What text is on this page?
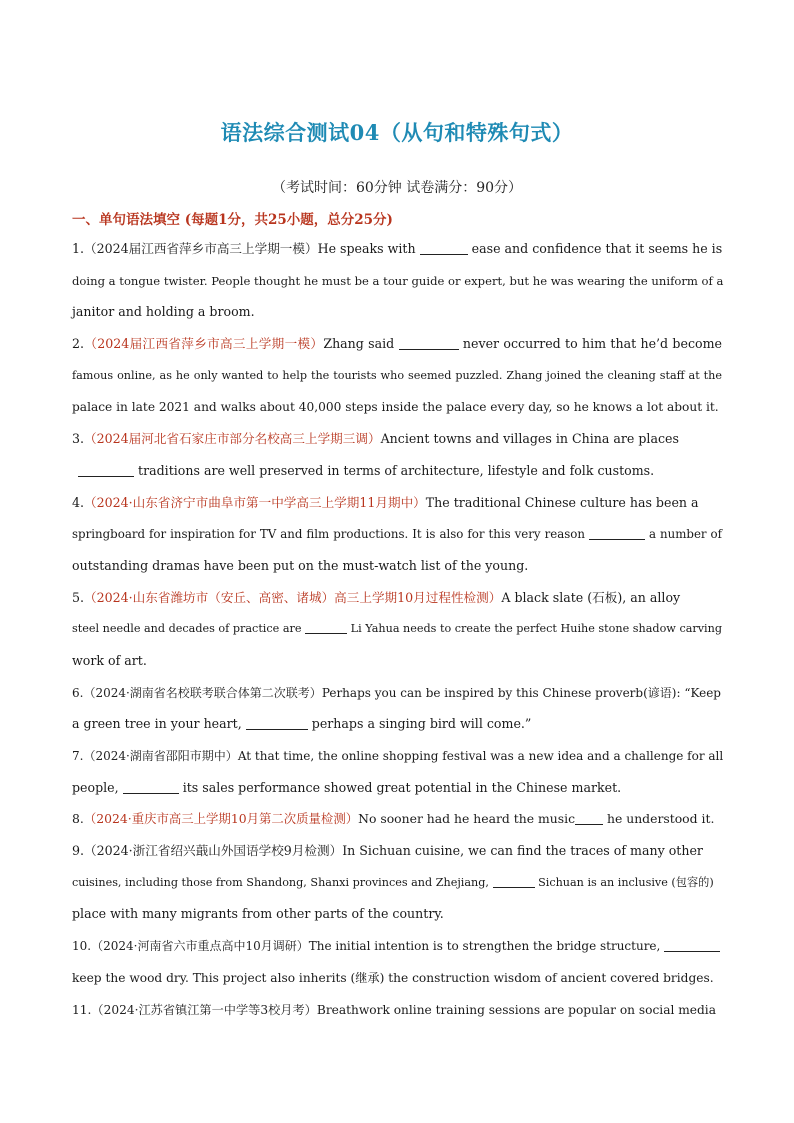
语法综合测试04（从句和特殊句式）
（考试时间：60分钟 试卷满分：90分）
一、单句语法填空 (每题1分，共25小题，总分25分)
1.（2024届江西省萍乡市高三上学期一模）He speaks with	ease and confidence that it seems he is
doing a tongue twister. People thought he must be a tour guide or expert, but he was wearing the uniform of a
janitor and holding a broom.
2.（2024届江西省萍乡市高三上学期一模）Zhang said	never occurred to him that he’d become
famous online, as he only wanted to help the tourists who seemed puzzled. Zhang joined the cleaning staff at the
palace in late 2021 and walks about 40,000 steps inside the palace every day, so he knows a lot about it.
3.（2024届河北省石家庄市部分名校高三上学期三调）Ancient towns and villages in China are places
traditions are well preserved in terms of architecture, lifestyle and folk customs.
4.（2024·山东省济宁市曲阜市第一中学高三上学期11月期中）The traditional Chinese culture has been a
springboard for inspiration for TV and film productions. It is also for this very reason	a number of
outstanding dramas have been put on the must-watch list of the young.
5.（2024·山东省潍坊市（安丘、高密、诸城）高三上学期10月过程性检测）A black slate (石板), an alloy
steel needle and decades of practice are	Li Yahua needs to create the perfect Huihe stone shadow carving
work of art.
6.（2024·湖南省名校联考联合体第二次联考）Perhaps you can be inspired by this Chinese proverb(谚语): “Keep
a green tree in your heart,	perhaps a singing bird will come.”
7.（2024·湖南省邵阳市期中）At that time, the online shopping festival was a new idea and a challenge for all
people,	its sales performance showed great potential in the Chinese market.
8.（2024·重庆市高三上学期10月第二次质量检测）No sooner had he heard the music	he understood it.
9.（2024·浙江省绍兴蕺山外国语学校9月检测）In Sichuan cuisine, we can find the traces of many other
cuisines, including those from Shandong, Shanxi provinces and Zhejiang,	Sichuan is an inclusive (包容的)
place with many migrants from other parts of the country.
10.（2024·河南省六市重点高中10月调研）The initial intention is to strengthen the bridge structure,
keep the wood dry. This project also inherits (继承) the construction wisdom of ancient covered bridges.
11.（2024·江苏省镇江第一中学等3校月考）Breathwork online training sessions are popular on social media
